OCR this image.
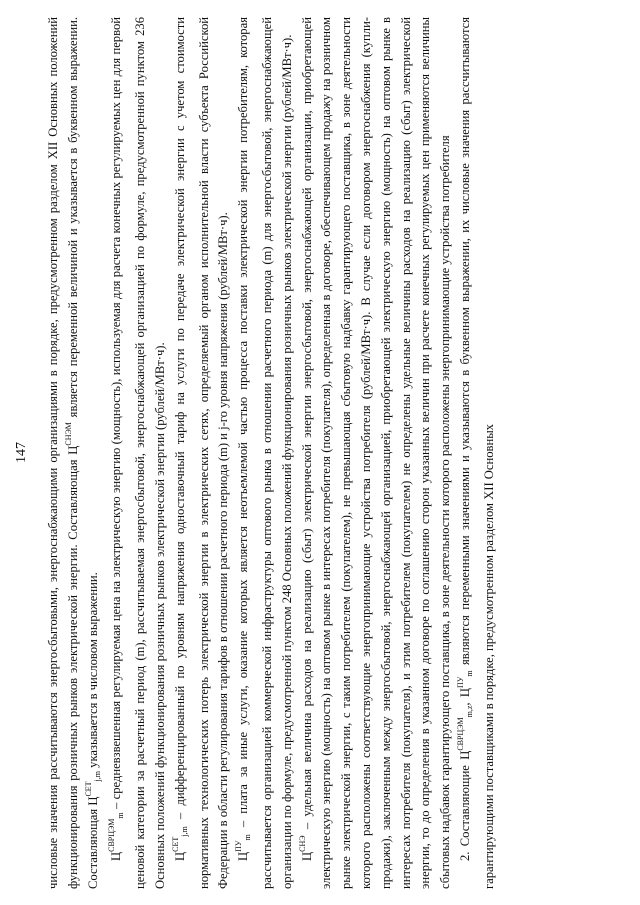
147 числовые значения рассчитываются энергосбытовыми, энергоснабжающими организациями в порядке, предусмотренном разделом XII Основных положений функционирования розничных рынков электрической энергии. Составляющая $Ц^{СНЭМ}$ является переменной величиной и указывается в буквенном выражении. Составляющая $Ц^{СЕТ}_{j,m}$ указывается в числовом выражении.

$Ц^{СВРЦЭМ}_m$ – средневзвешенная регулируемая цена на электрическую энергию (мощность), используемая для расчета конечных регулируемых цен для первой ценовой категории за расчетный период (m), рассчитываемая энергосбытовой, энергоснабжающей организацией по формуле, предусмотренной пунктом 236 Основных положений функционирования розничных рынков электрической энергии (рублей/МВт·ч). $Ц^{СЕТ}_{j,m}$ – дифференцированный по уровням напряжения одноставочный тариф на услуги по передаче электрической энергии с учетом стоимости нормативных технологических потерь электрической энергии в электрических сетях, определяемый органом исполнительной власти субъекта Российской Федерации в области регулирования тарифов в отношении расчетного периода (m) и j-го уровня напряжения (рублей/МВт·ч). $Ц^{ПУ}_m$ – плата за иные услуги, оказание которых является неотъемлемой частью процесса поставки электрической энергии потребителям, которая рассчитывается организацией коммерческой инфраструктуры оптового рынка в отношении расчетного периода (m) для энергосбытовой, энергоснабжающей организации по формуле, предусмотренной пунктом 248 Основных положений функционирования розничных рынков электрической энергии (рублей/МВт·ч). $Ц^{СНЭ}$ – удельная величина расходов на реализацию (сбыт) электрической энергии энергосбытовой, энергоснабжающей организации, приобретающей электрическую энергию (мощность) на оптовом рынке в интересах потребителя (покупателя), определенная в договоре, обеспечивающем продажу на розничном рынке электрической энергии, с таким потребителем (покупателем), не превышающая сбытовую надбавку гарантирующего поставщика, в зоне деятельности которого расположены соответствующие энергопринимающие устройства потребителя (рублей/МВт·ч). В случае если договором энергоснабжения (купли-продажи), заключенным между энергосбытовой, энергоснабжающей организацией, приобретающей электрическую энергию (мощность) на оптовом рынке в интересах потребителя (покупателя), и этим потребителем (покупателем) не определены удельные величины расходов на реализацию (сбыт) электрической энергии, то до определения в указанном договоре по соглашению сторон указанных величин при расчете конечных регулируемых цен применяются величины сбытовых надбавок гарантирующего поставщика, в зоне деятельности которого расположены энергопринимающие устройства потребителя 2. Составляющие $Ц^{СВРЦЭМ}_{m,z}$, $Ц^{ПУ}_m$ являются переменными значениями и указываются в буквенном выражении, их числовые значения рассчитываются гарантирующими поставщиками в порядке, предусмотренном разделом XII Основных
